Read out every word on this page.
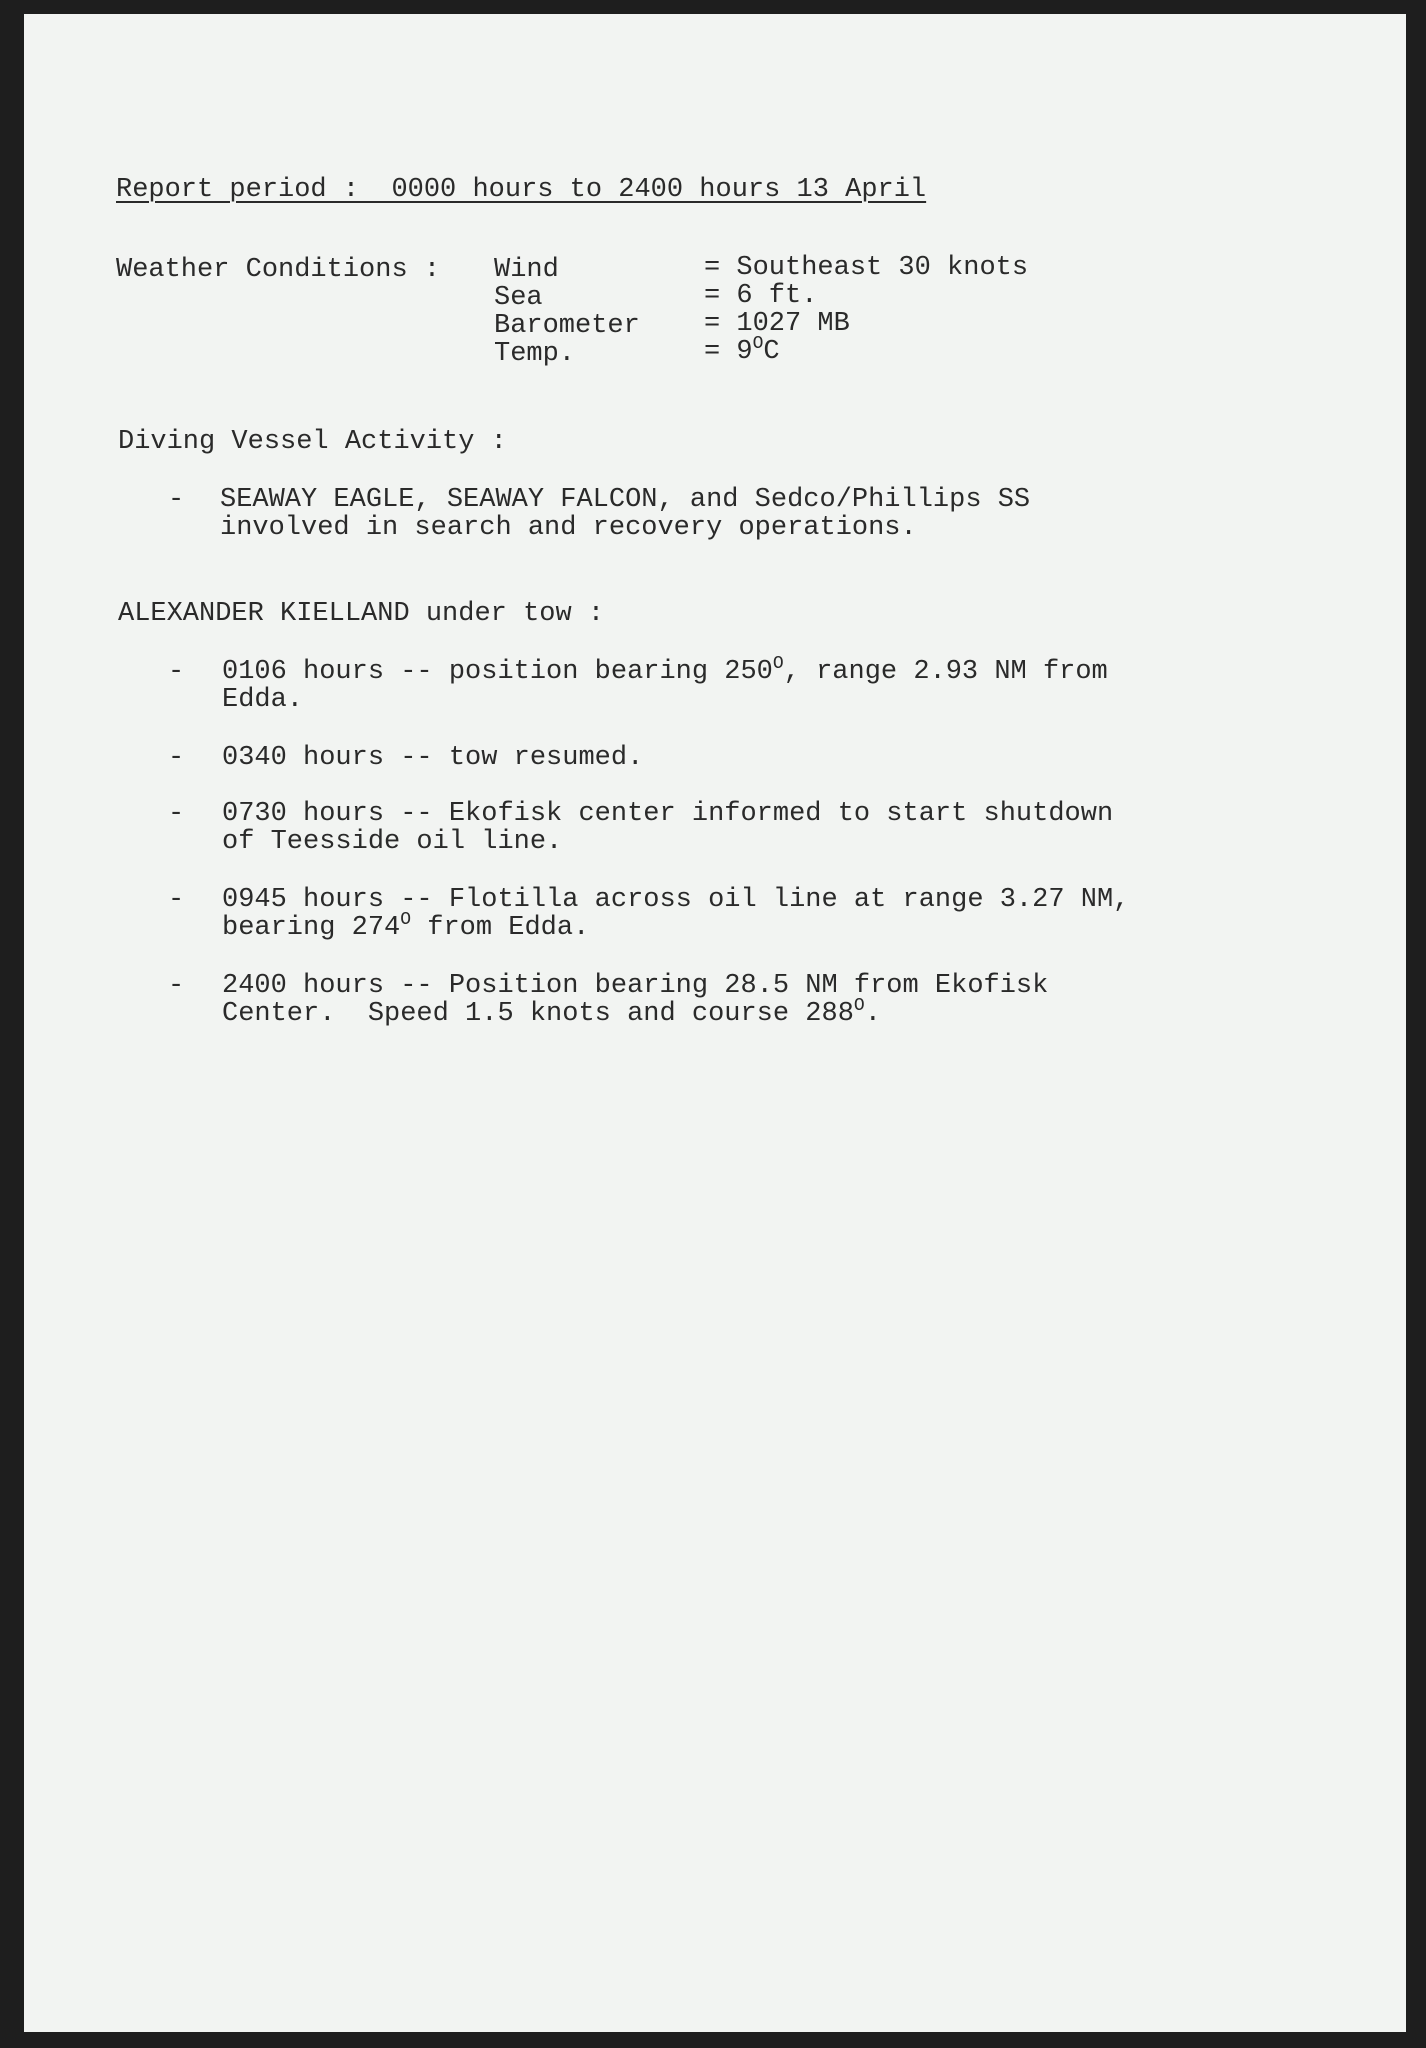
Report period :  0000 hours to 2400 hours 13 April
Weather Conditions : Wind	= Southeast 30 knots
Sea	= 6 ft.
Barometer = 1027 MB
Temp.	= $9^OC$
Diving Vessel Activity :
- SEAWAY EAGLE, SEAWAY FALCON, and Sedco/Phillips SS
involved in search and recovery operations.
ALEXANDER KIELLAND under tow :
- 0106 hours -- position bearing $250^O$, range 2.93 NM from
Edda.
- 0340 hours -- tow resumed.
- 0730 hours -- Ekofisk center informed to start shutdown
of Teesside oil line.
- 0945 hours -- Flotilla across oil line at range 3.27 NM,
bearing $274^O$ from Edda.
- 2400 hours -- Position bearing 28.5 NM from Ekofisk
Center.  Speed 1.5 knots and course $288^O$.
